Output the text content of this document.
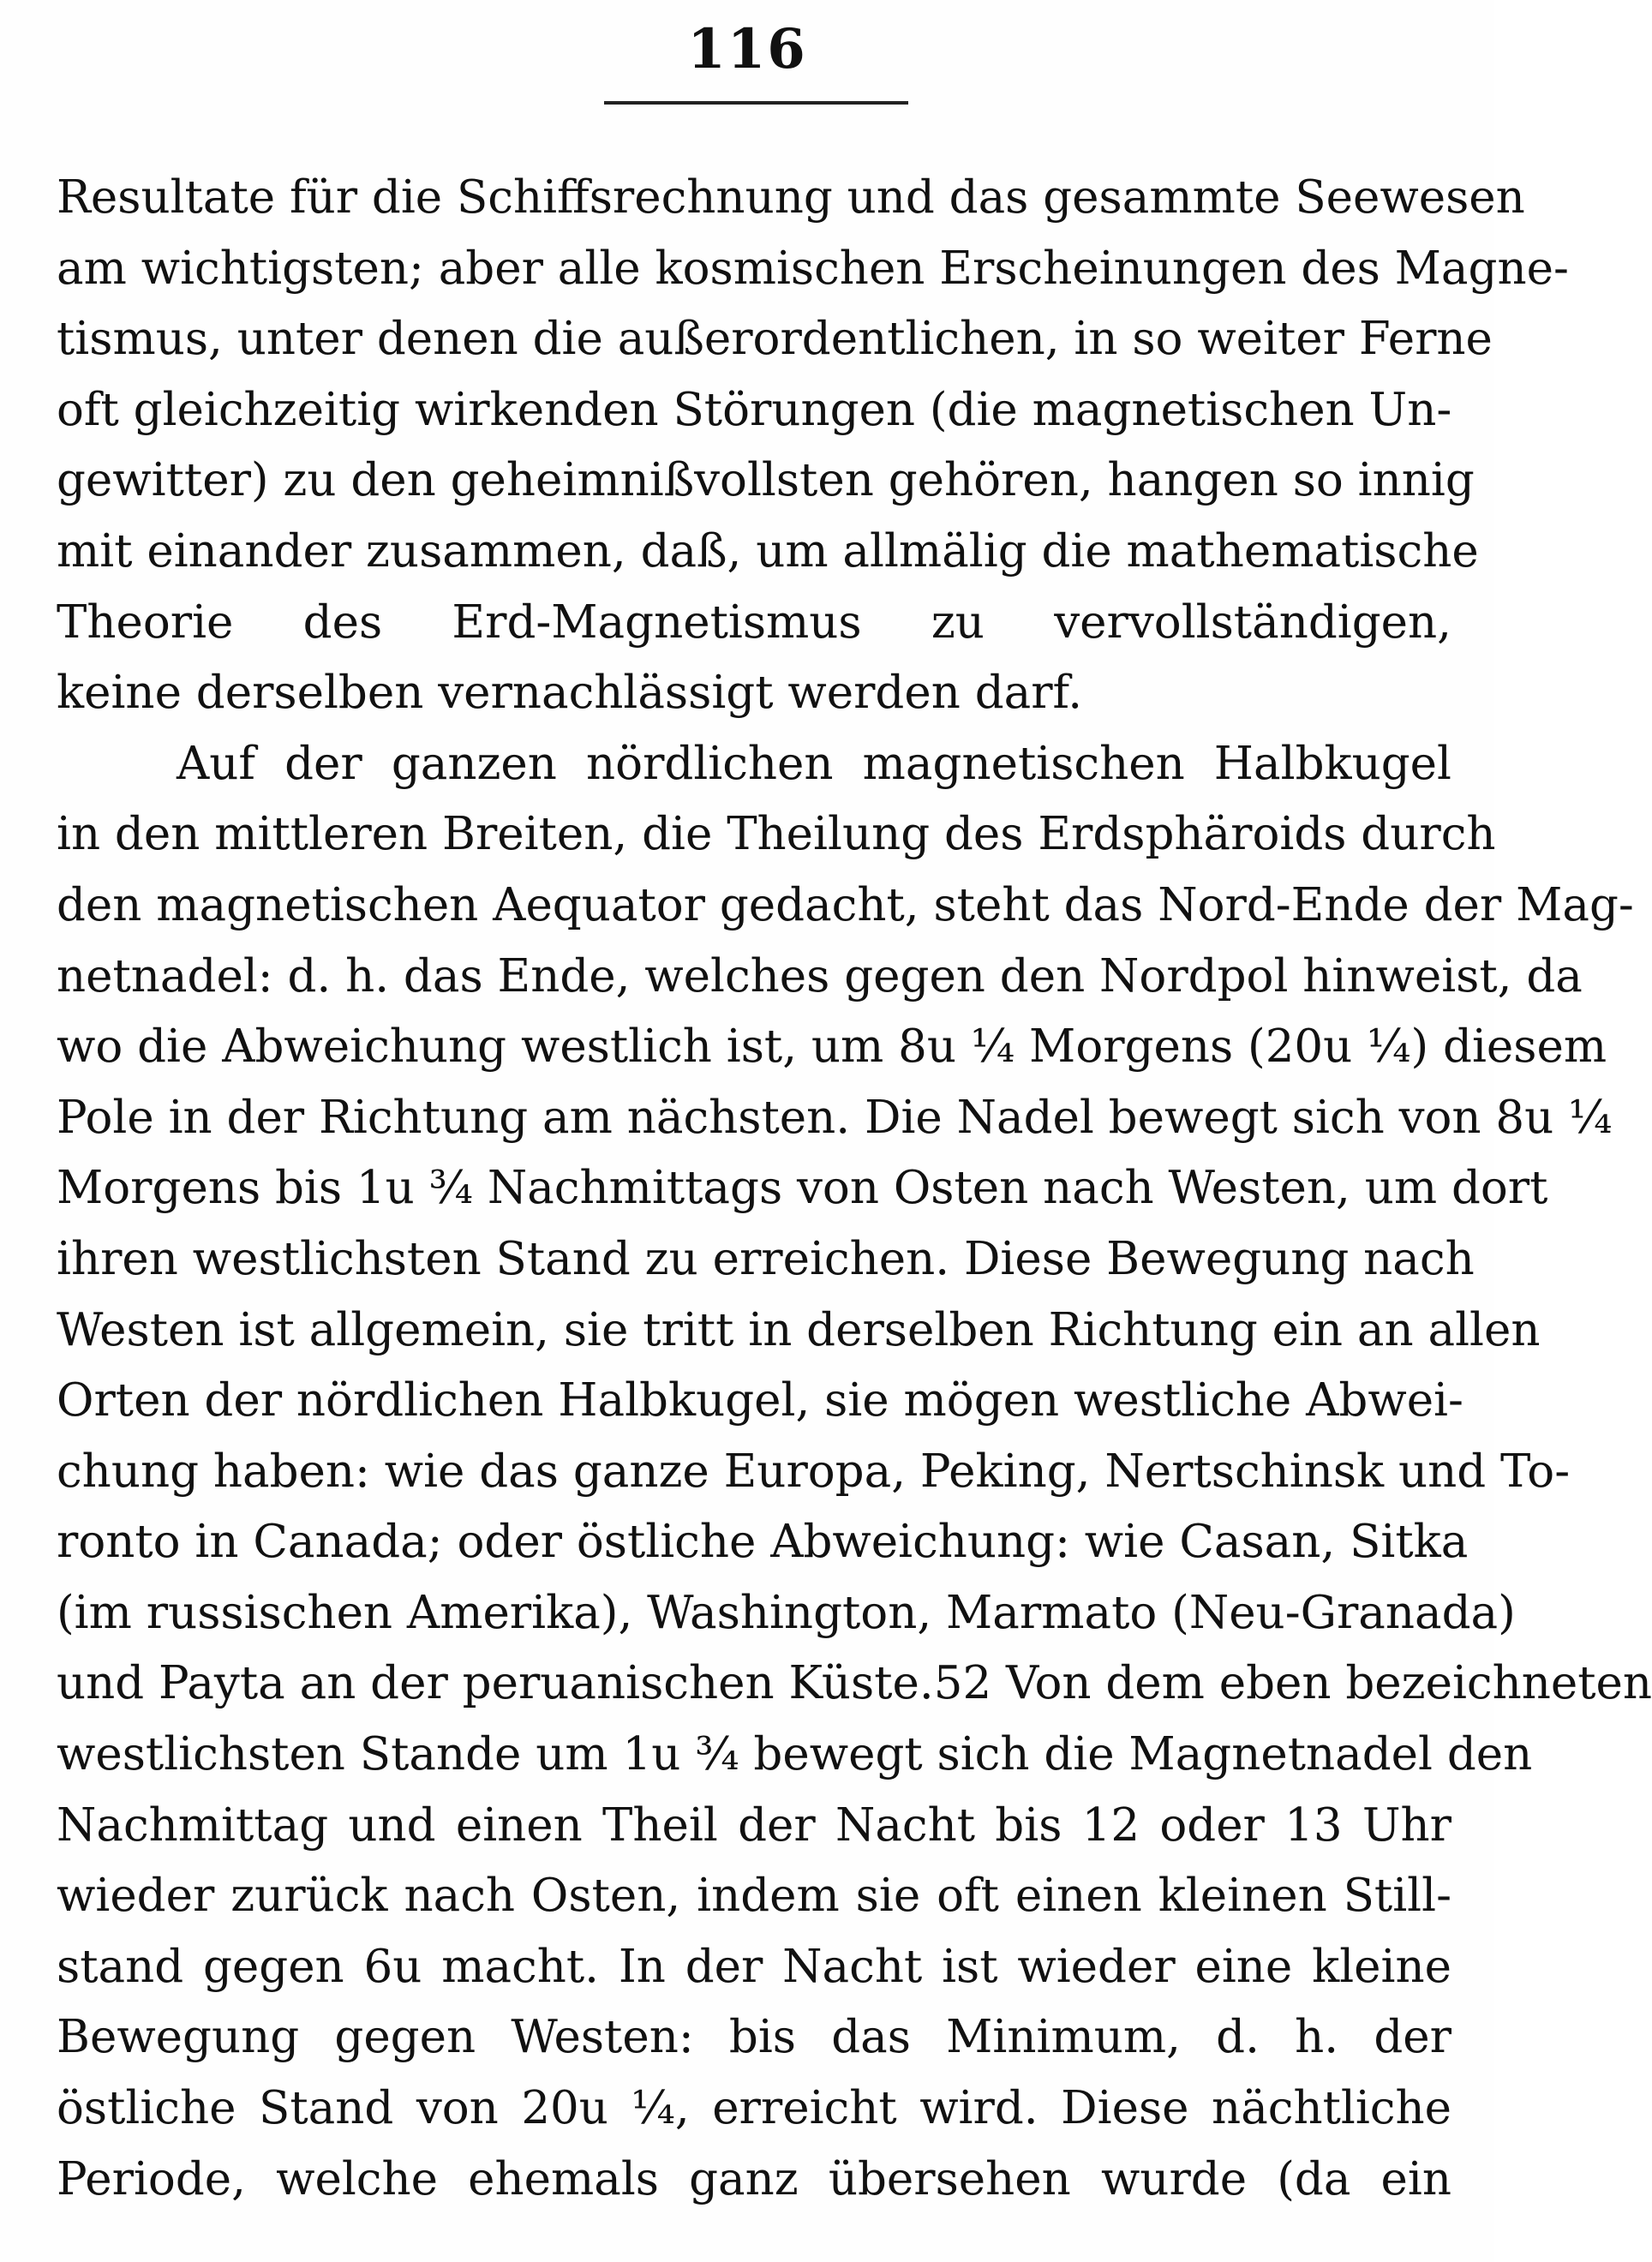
116
Resultate für die Schiffsrechnung und das gesammte Seewesen
am wichtigsten; aber alle kosmischen Erscheinungen des Magne-
tismus, unter denen die außerordentlichen, in so weiter Ferne
oft gleichzeitig wirkenden Störungen (die magnetischen Un-
gewitter) zu den geheimnißvollsten gehören, hangen so innig
mit einander zusammen, daß, um allmälig die mathematische
Theorie des Erd-Magnetismus zu vervollständigen,
keine derselben vernachlässigt werden darf.
Auf der ganzen nördlichen magnetischen Halbkugel
in den mittleren Breiten, die Theilung des Erdsphäroids durch
den magnetischen Aequator gedacht, steht das Nord-Ende der Mag-
netnadel: d. h. das Ende, welches gegen den Nordpol hinweist, da
wo die Abweichung westlich ist, um 8u ¼ Morgens (20u ¼) diesem
Pole in der Richtung am nächsten. Die Nadel bewegt sich von 8u ¼
Morgens bis 1u ¾ Nachmittags von Osten nach Westen, um dort
ihren westlichsten Stand zu erreichen. Diese Bewegung nach
Westen ist allgemein, sie tritt in derselben Richtung ein an allen
Orten der nördlichen Halbkugel, sie mögen westliche Abwei-
chung haben: wie das ganze Europa, Peking, Nertschinsk und To-
ronto in Canada; oder östliche Abweichung: wie Casan, Sitka
(im russischen Amerika), Washington, Marmato (Neu-Granada)
und Payta an der peruanischen Küste.52 Von dem eben bezeichneten
westlichsten Stande um 1u ¾ bewegt sich die Magnetnadel den
Nachmittag und einen Theil der Nacht bis 12 oder 13 Uhr
wieder zurück nach Osten, indem sie oft einen kleinen Still-
stand gegen 6u macht. In der Nacht ist wieder eine kleine
Bewegung gegen Westen: bis das Minimum, d. h. der
östliche Stand von 20u ¼, erreicht wird. Diese nächtliche
Periode, welche ehemals ganz übersehen wurde (da ein
